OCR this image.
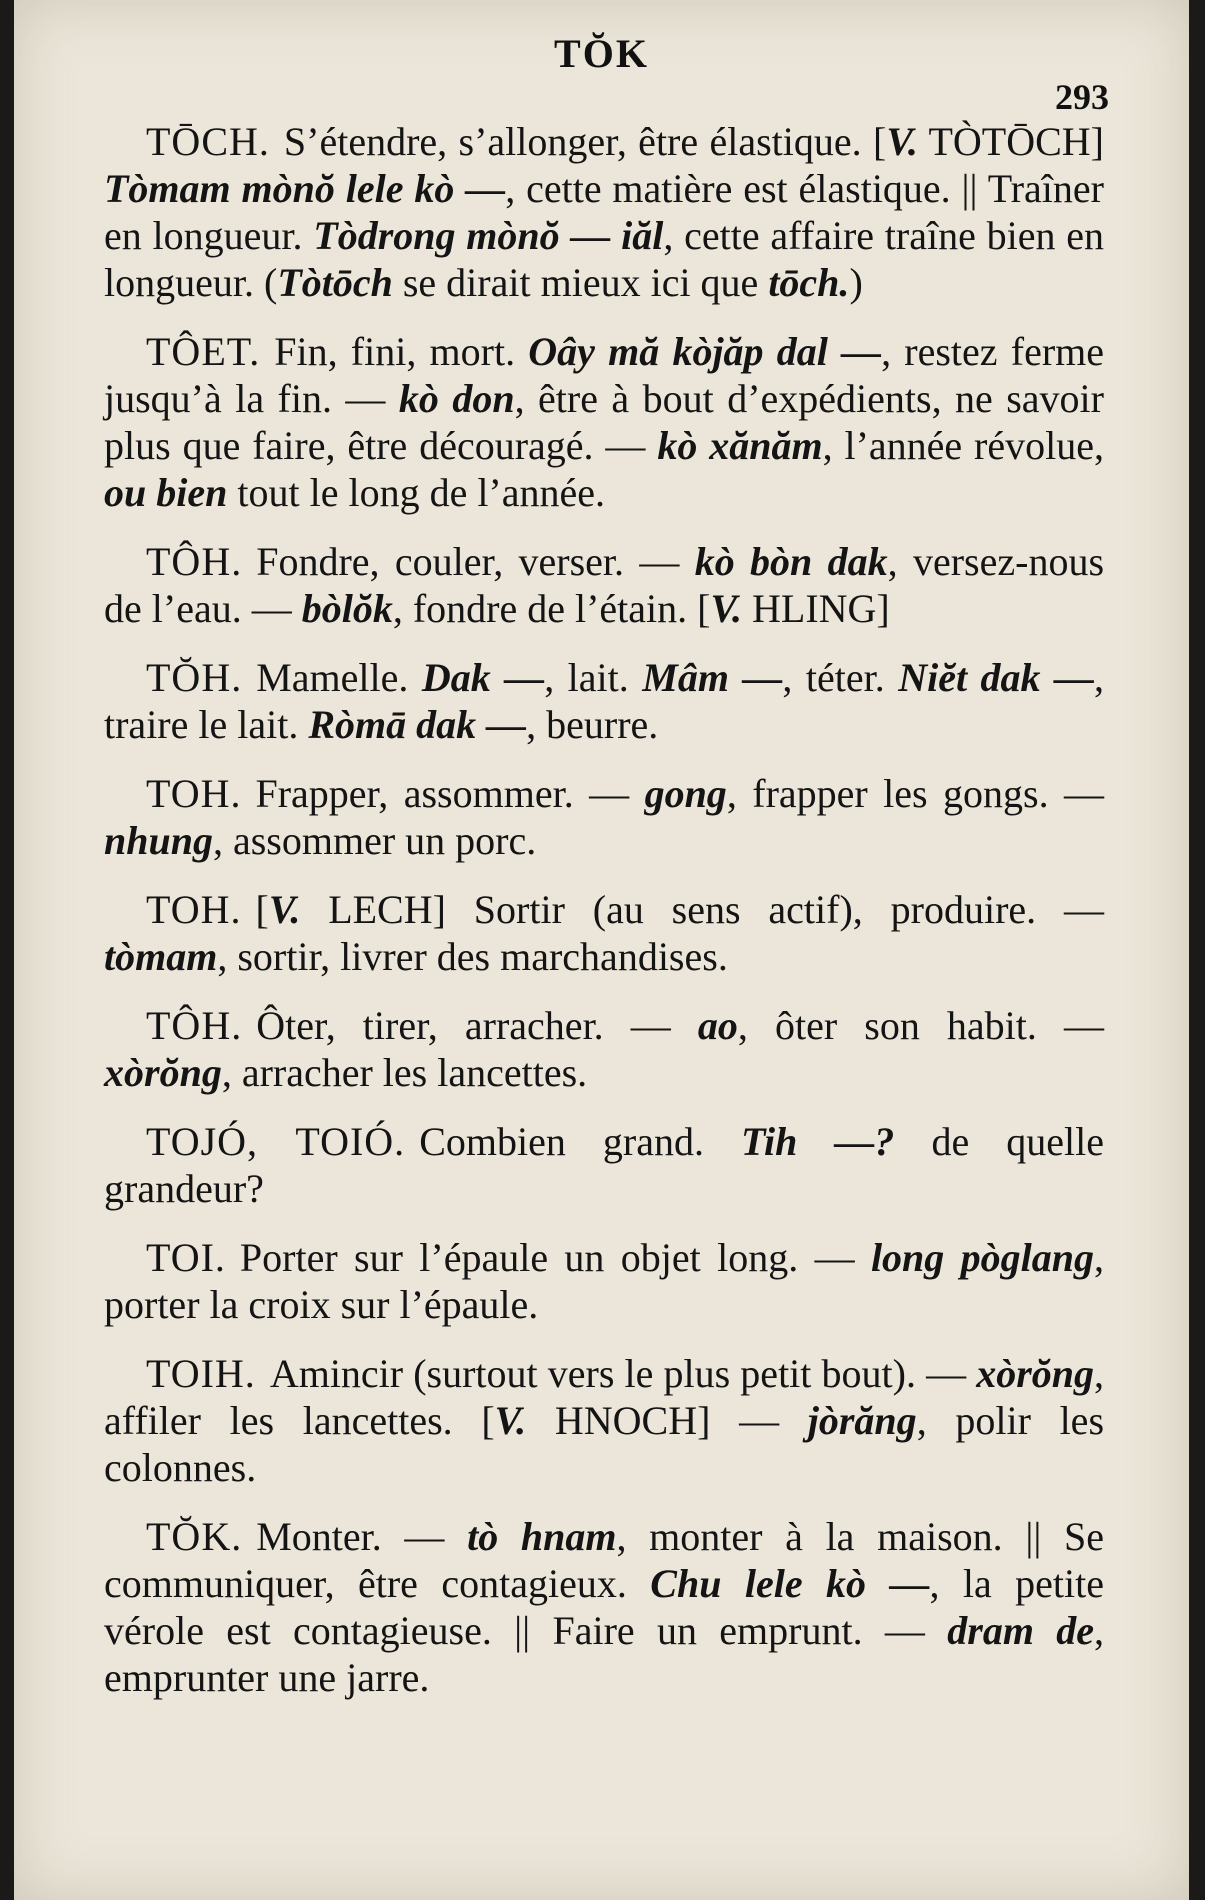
TŎK
293

TŌCH. S’étendre, s’allonger, être élastique. [V. TÒTŌCH] Tòmam mònŏ lele kò —, cette matière est élastique. || Traîner en longueur. Tòdrong mònŏ — iăl, cette affaire traîne bien en longueur. (Tòtōch se dirait mieux ici que tōch.)

TÔET. Fin, fini, mort. Oây mă kòjăp dal —, restez ferme jusqu’à la fin. — kò don, être à bout d’expédients, ne savoir plus que faire, être découragé. — kò xănăm, l’année révolue, ou bien tout le long de l’année.

TÔH. Fondre, couler, verser. — kò bòn dak, versez-nous de l’eau. — bòlŏk, fondre de l’étain. [V. HLING]

TŎH. Mamelle. Dak —, lait. Mâm —, téter. Niĕt dak —, traire le lait. Ròmā dak —, beurre.

TOH. Frapper, assommer. — gong, frapper les gongs. — nhung, assommer un porc.

TOH. [V. LECH] Sortir (au sens actif), produire. — tòmam, sortir, livrer des marchandises.

TÔH. Ôter, tirer, arracher. — ao, ôter son habit. — xòrŏng, arracher les lancettes.

TOJÓ, TOIÓ. Combien grand. Tih —? de quelle grandeur?

TOI. Porter sur l’épaule un objet long. — long pòglang, porter la croix sur l’épaule.

TOIH. Amincir (surtout vers le plus petit bout). — xòrŏng, affiler les lancettes. [V. HNOCH] — jòrăng, polir les colonnes.

TŎK. Monter. — tò hnam, monter à la maison. || Se communiquer, être contagieux. Chu lele kò —, la petite vérole est contagieuse. || Faire un emprunt. — dram de, emprunter une jarre.
